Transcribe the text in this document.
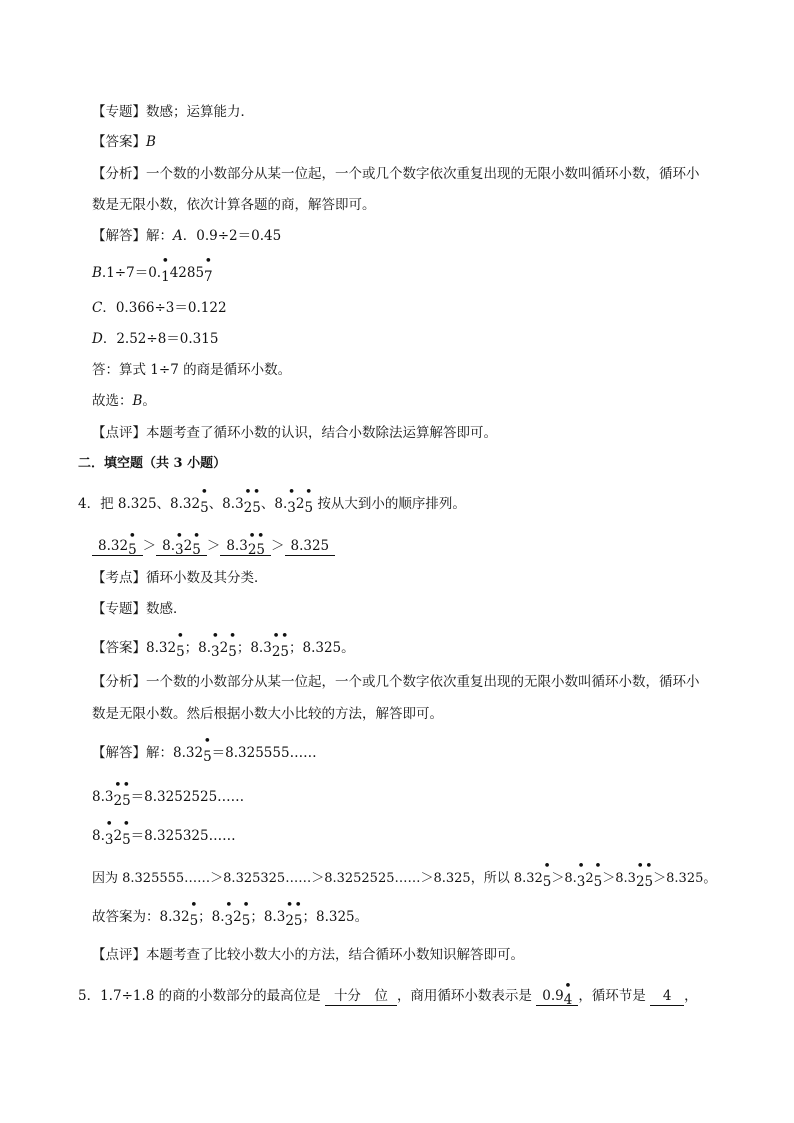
【专题】数感；运算能力．
【答案】B
【分析】一个数的小数部分从某一位起，一个或几个数字依次重复出现的无限小数叫循环小数，循环小
数是无限小数，依次计算各题的商，解答即可。
【解答】解：A．0.9÷2＝0.45
B.1÷7＝0.
•
14285
•
7
C．0.366÷3＝0.122
D．2.52÷8＝0.315
答：算式 1÷7 的商是循环小数。
故选：B。
【点评】本题考查了循环小数的认识，结合小数除法运算解答即可。
二．填空题（共 3 小题）
4．把 8.325、8.32
•
5、8.3
•
2
•
5、8.
•
32
•
5 按从大到小的顺序排列。
8.32
•
5 ＞ 8.
•
32
•
5 ＞ 8.3
•
2
•
5 ＞ 8.325
【考点】循环小数及其分类．
【专题】数感．
【答案】8.32
•
5；8.
•
32
•
5；8.3
•
2
•
5；8.325。
【分析】一个数的小数部分从某一位起，一个或几个数字依次重复出现的无限小数叫循环小数，循环小
数是无限小数。然后根据小数大小比较的方法，解答即可。
【解答】解：8.32
•
5＝8.325555……
8.3
•
2
•
5＝8.3252525……
8.
•
32
•
5＝8.325325……
因为 8.325555……＞8.325325……＞8.3252525……＞8.325，所以 8.32
•
5＞8.
•
32
•
5＞8.3
•
2
•
5＞8.325。
故答案为：8.32
•
5；8.
•
32
•
5；8.3
•
2
•
5；8.325。
【点评】本题考查了比较小数大小的方法，结合循环小数知识解答即可。
5．1.7÷1.8 的商的小数部分的最高位是 十分　位 ，商用循环小数表示是 0.9
•
4 ，循环节是 4 ，
